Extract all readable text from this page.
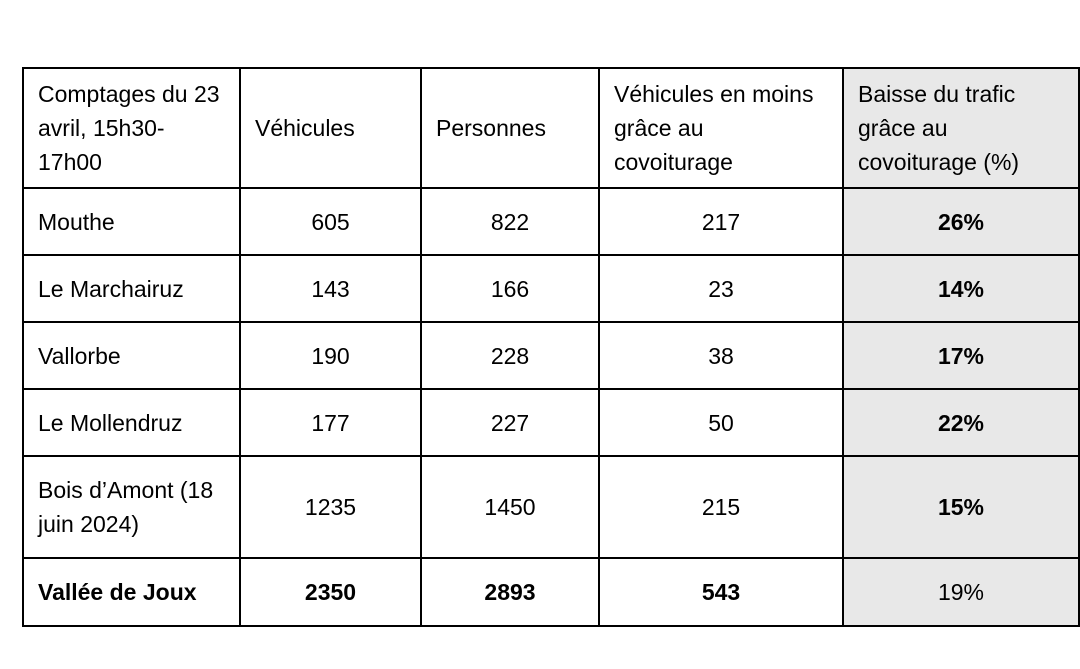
Comptages du 23 avril, 15h30-17h00	Véhicules	Personnes	Véhicules en moins grâce au covoiturage	Baisse du trafic grâce au covoiturage (%)
Mouthe	605	822	217	26%
Le Marchairuz	143	166	23	14%
Vallorbe	190	228	38	17%
Le Mollendruz	177	227	50	22%
Bois d’Amont (18 juin 2024)	1235	1450	215	15%
Vallée de Joux	2350	2893	543	19%
